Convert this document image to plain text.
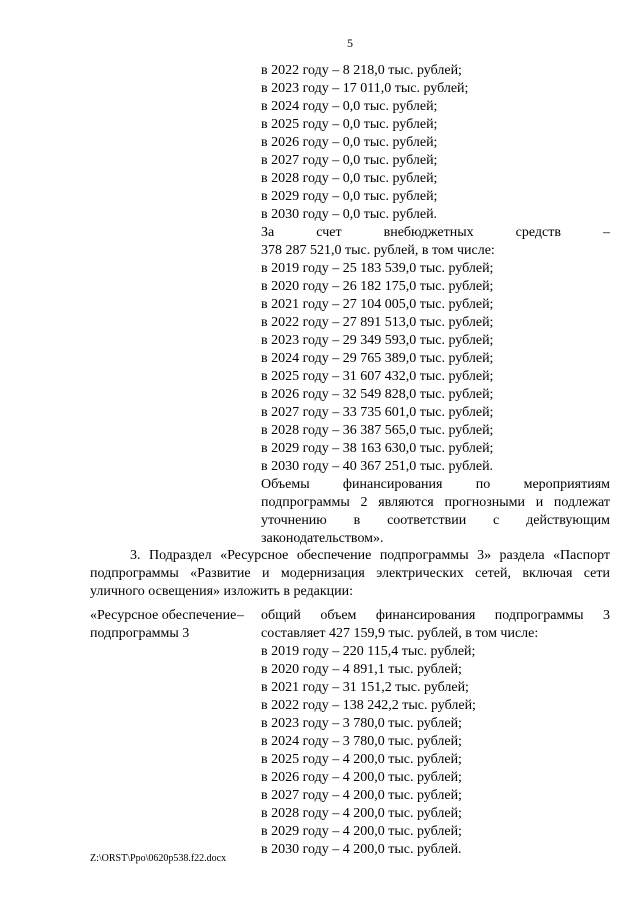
5
в 2022 году – 8 218,0 тыс. рублей;
в 2023 году – 17 011,0 тыс. рублей;
в 2024 году – 0,0 тыс. рублей;
в 2025 году – 0,0 тыс. рублей;
в 2026 году – 0,0 тыс. рублей;
в 2027 году – 0,0 тыс. рублей;
в 2028 году – 0,0 тыс. рублей;
в 2029 году – 0,0 тыс. рублей;
в 2030 году – 0,0 тыс. рублей.
За счет внебюджетных средств –
378 287 521,0 тыс. рублей, в том числе:
в 2019 году – 25 183 539,0 тыс. рублей;
в 2020 году – 26 182 175,0 тыс. рублей;
в 2021 году – 27 104 005,0 тыс. рублей;
в 2022 году – 27 891 513,0 тыс. рублей;
в 2023 году – 29 349 593,0 тыс. рублей;
в 2024 году – 29 765 389,0 тыс. рублей;
в 2025 году – 31 607 432,0 тыс. рублей;
в 2026 году – 32 549 828,0 тыс. рублей;
в 2027 году – 33 735 601,0 тыс. рублей;
в 2028 году – 36 387 565,0 тыс. рублей;
в 2029 году – 38 163 630,0 тыс. рублей;
в 2030 году – 40 367 251,0 тыс. рублей.
Объемы финансирования по мероприятиям
подпрограммы 2 являются прогнозными и подлежат
уточнению в соответствии с действующим
законодательством».
3. Подраздел «Ресурсное обеспечение подпрограммы 3» раздела «Паспорт
подпрограммы «Развитие и модернизация электрических сетей, включая сети
уличного освещения» изложить в редакции:
«Ресурсное обеспечение подпрограммы 3
– общий объем финансирования подпрограммы 3
составляет 427 159,9 тыс. рублей, в том числе:
в 2019 году – 220 115,4 тыс. рублей;
в 2020 году – 4 891,1 тыс. рублей;
в 2021 году – 31 151,2 тыс. рублей;
в 2022 году – 138 242,2 тыс. рублей;
в 2023 году – 3 780,0 тыс. рублей;
в 2024 году – 3 780,0 тыс. рублей;
в 2025 году – 4 200,0 тыс. рублей;
в 2026 году – 4 200,0 тыс. рублей;
в 2027 году – 4 200,0 тыс. рублей;
в 2028 году – 4 200,0 тыс. рублей;
в 2029 году – 4 200,0 тыс. рублей;
в 2030 году – 4 200,0 тыс. рублей.
Z:\ORST\Ppo\0620p538.f22.docx
